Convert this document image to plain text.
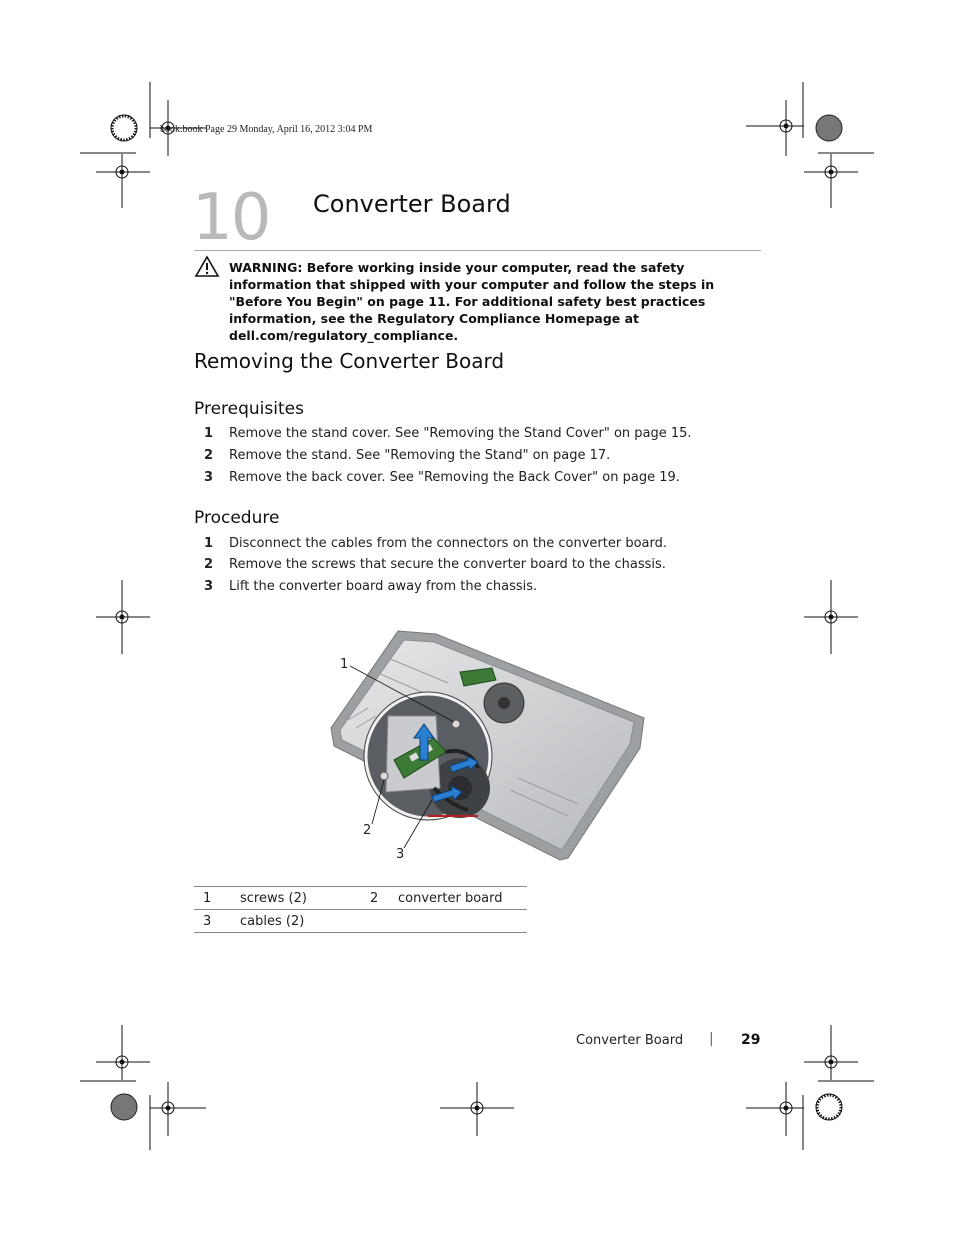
book.book Page 29 Monday, April 16, 2012 3:04 PM
10 Converter Board
WARNING: Before working inside your computer, read the safety information that shipped with your computer and follow the steps in "Before You Begin" on page 11. For additional safety best practices information, see the Regulatory Compliance Homepage at dell.com/regulatory_compliance.
Removing the Converter Board
Prerequisites
1 Remove the stand cover. See "Removing the Stand Cover" on page 15.
2 Remove the stand. See "Removing the Stand" on page 17.
3 Remove the back cover. See "Removing the Back Cover" on page 19.
Procedure
1 Disconnect the cables from the connectors on the converter board.
2 Remove the screws that secure the converter board to the chassis.
3 Lift the converter board away from the chassis.
1
2
3
1	screws (2)	2	converter board
3	cables (2)		
Converter Board | 29
